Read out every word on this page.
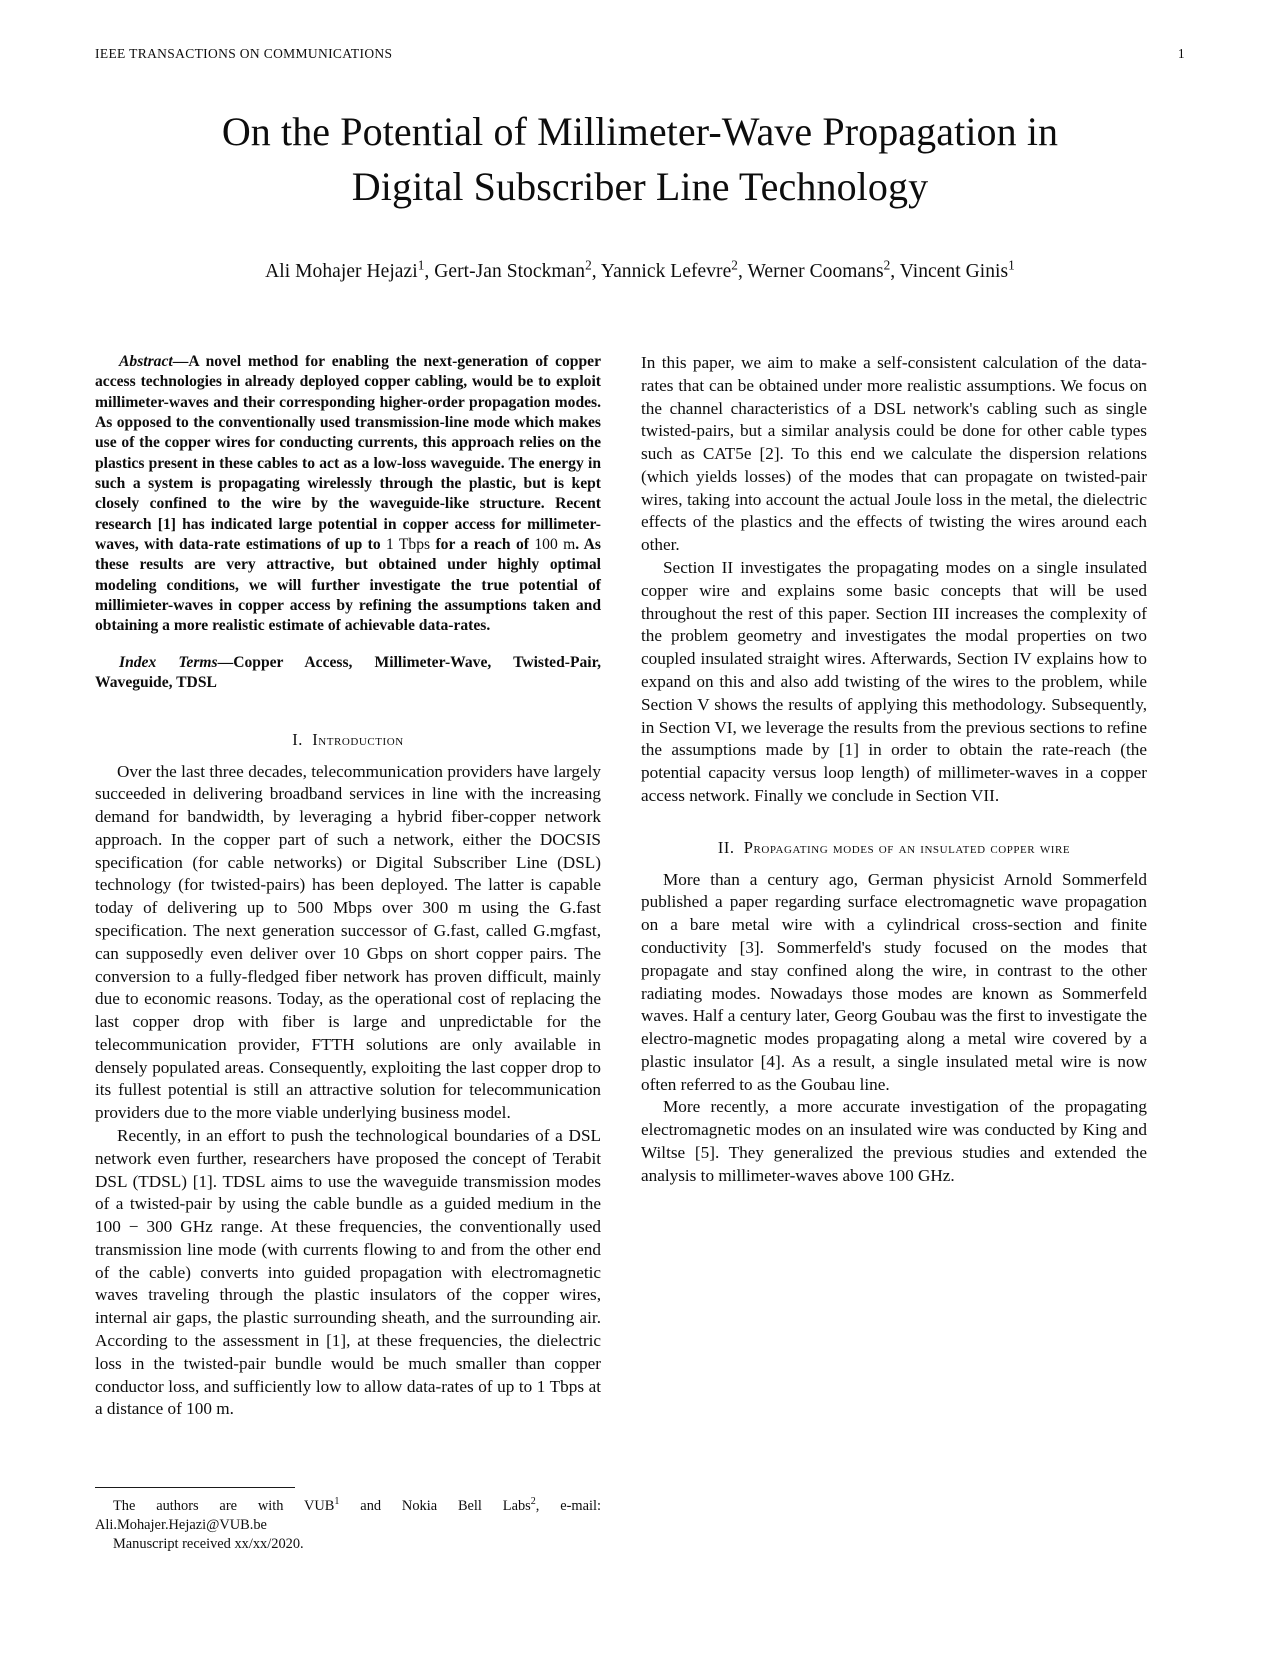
IEEE TRANSACTIONS ON COMMUNICATIONS	1
On the Potential of Millimeter-Wave Propagation in
Digital Subscriber Line Technology
Ali Mohajer Hejazi$^1$, Gert-Jan Stockman$^2$, Yannick Lefevre$^2$, Werner Coomans$^2$, Vincent Ginis$^1$

Abstract—A novel method for enabling the next-generation of copper access technologies in already deployed copper cabling, would be to exploit millimeter-waves and their corresponding higher-order propagation modes. As opposed to the conventionally used transmission-line mode which makes use of the copper wires for conducting currents, this approach relies on the plastics present in these cables to act as a low-loss waveguide. The energy in such a system is propagating wirelessly through the plastic, but is kept closely confined to the wire by the waveguide-like structure. Recent research [1] has indicated large potential in copper access for millimeter-waves, with data-rate estimations of up to 1 Tbps for a reach of 100 m. As these results are very attractive, but obtained under highly optimal modeling conditions, we will further investigate the true potential of millimieter-waves in copper access by refining the assumptions taken and obtaining a more realistic estimate of achievable data-rates.

Index Terms—Copper Access, Millimeter-Wave, Twisted-Pair, Waveguide, TDSL

I. Introduction

Over the last three decades, telecommunication providers have largely succeeded in delivering broadband services in line with the increasing demand for bandwidth, by leveraging a hybrid fiber-copper network approach. In the copper part of such a network, either the DOCSIS specification (for cable networks) or Digital Subscriber Line (DSL) technology (for twisted-pairs) has been deployed. The latter is capable today of delivering up to 500 Mbps over 300 m using the G.fast specification. The next generation successor of G.fast, called G.mgfast, can supposedly even deliver over 10 Gbps on short copper pairs. The conversion to a fully-fledged fiber network has proven difficult, mainly due to economic reasons. Today, as the operational cost of replacing the last copper drop with fiber is large and unpredictable for the telecommunication provider, FTTH solutions are only available in densely populated areas. Consequently, exploiting the last copper drop to its fullest potential is still an attractive solution for telecommunication providers due to the more viable underlying business model.

Recently, in an effort to push the technological boundaries of a DSL network even further, researchers have proposed the concept of Terabit DSL (TDSL) [1]. TDSL aims to use the waveguide transmission modes of a twisted-pair by using the cable bundle as a guided medium in the 100 − 300 GHz range. At these frequencies, the conventionally used transmission line mode (with currents flowing to and from the other end of the cable) converts into guided propagation with electromagnetic waves traveling through the plastic insulators of the copper wires, internal air gaps, the plastic surrounding sheath, and the surrounding air. According to the assessment in [1], at these frequencies, the dielectric loss in the twisted-pair bundle would be much smaller than copper conductor loss, and sufficiently low to allow data-rates of up to 1 Tbps at a distance of 100 m.

In this paper, we aim to make a self-consistent calculation of the data-rates that can be obtained under more realistic assumptions. We focus on the channel characteristics of a DSL network's cabling such as single twisted-pairs, but a similar analysis could be done for other cable types such as CAT5e [2]. To this end we calculate the dispersion relations (which yields losses) of the modes that can propagate on twisted-pair wires, taking into account the actual Joule loss in the metal, the dielectric effects of the plastics and the effects of twisting the wires around each other.

Section II investigates the propagating modes on a single insulated copper wire and explains some basic concepts that will be used throughout the rest of this paper. Section III increases the complexity of the problem geometry and investigates the modal properties on two coupled insulated straight wires. Afterwards, Section IV explains how to expand on this and also add twisting of the wires to the problem, while Section V shows the results of applying this methodology. Subsequently, in Section VI, we leverage the results from the previous sections to refine the assumptions made by [1] in order to obtain the rate-reach (the potential capacity versus loop length) of millimeter-waves in a copper access network. Finally we conclude in Section VII.

II. Propagating modes of an insulated copper wire

More than a century ago, German physicist Arnold Sommerfeld published a paper regarding surface electromagnetic wave propagation on a bare metal wire with a cylindrical cross-section and finite conductivity [3]. Sommerfeld's study focused on the modes that propagate and stay confined along the wire, in contrast to the other radiating modes. Nowadays those modes are known as Sommerfeld waves. Half a century later, Georg Goubau was the first to investigate the electro-magnetic modes propagating along a metal wire covered by a plastic insulator [4]. As a result, a single insulated metal wire is now often referred to as the Goubau line.

More recently, a more accurate investigation of the propagating electromagnetic modes on an insulated wire was conducted by King and Wiltse [5]. They generalized the previous studies and extended the analysis to millimeter-waves above 100 GHz.

The authors are with VUB$^1$ and Nokia Bell Labs$^2$, e-mail: Ali.Mohajer.Hejazi@VUB.be

Manuscript received xx/xx/2020.
